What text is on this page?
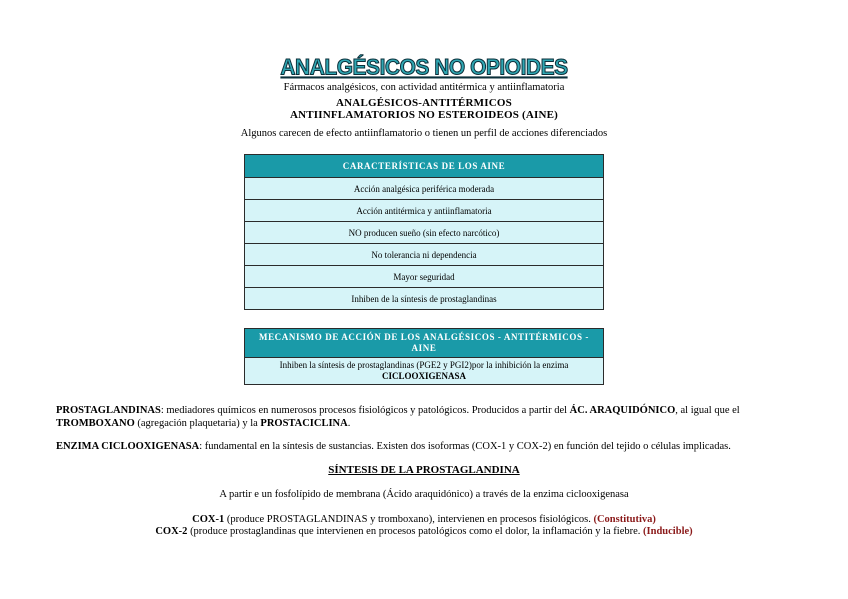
ANALGÉSICOS NO OPIOIDES
Fármacos analgésicos, con actividad antitérmica y antiinflamatoria
ANALGÉSICOS-ANTITÉRMICOS
ANTIINFLAMATORIOS NO ESTEROIDEOS (AINE)
Algunos carecen de efecto antiinflamatorio o tienen un perfil de acciones diferenciados
CARACTERÍSTICAS DE LOS AINE
Acción analgésica periférica moderada
Acción antitérmica y antiinflamatoria
NO producen sueño (sin efecto narcótico)
No tolerancia ni dependencia
Mayor seguridad
Inhiben de la síntesis de prostaglandinas
MECANISMO DE ACCIÓN DE LOS ANALGÉSICOS - ANTITÉRMICOS - AINE
Inhiben la síntesis de prostaglandinas (PGE2 y PGI2)por la inhibición la enzima
CICLOOXIGENASA
PROSTAGLANDINAS: mediadores químicos en numerosos procesos fisiológicos y patológicos. Producidos a partir del ÁC. ARAQUIDÓNICO, al igual que el
TROMBOXANO (agregación plaquetaria) y la PROSTACICLINA.
ENZIMA CICLOOXIGENASA: fundamental en la síntesis de sustancias. Existen dos isoformas (COX-1 y COX-2) en función del tejido o células implicadas.
SÍNTESIS DE LA PROSTAGLANDINA
A partir e un fosfolípido de membrana (Ácido araquidónico) a través de la enzima ciclooxigenasa
COX-1 (produce PROSTAGLANDINAS y tromboxano), intervienen en procesos fisiológicos. (Constitutiva)
COX-2 (produce prostaglandinas que intervienen en procesos patológicos como el dolor, la inflamación y la fiebre. (Inducible)
